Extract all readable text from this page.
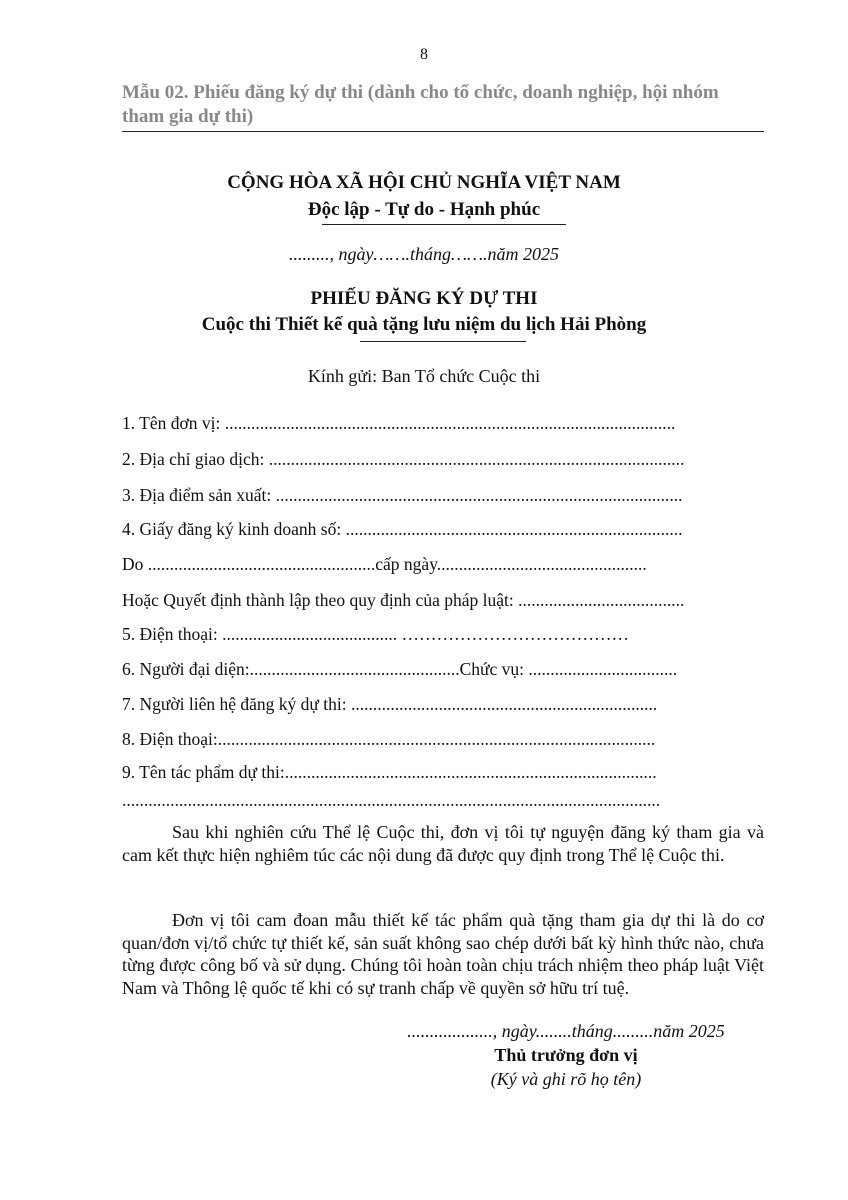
8
Mẫu 02. Phiếu đăng ký dự thi (dành cho tổ chức, doanh nghiệp, hội nhóm
tham gia dự thi)
CỘNG HÒA XÃ HỘI CHỦ NGHĨA VIỆT NAM
Độc lập - Tự do - Hạnh phúc
........., ngày…….tháng…….năm 2025
PHIẾU ĐĂNG KÝ DỰ THI
Cuộc thi Thiết kế quà tặng lưu niệm du lịch Hải Phòng
Kính gửi: Ban Tổ chức Cuộc thi
1. Tên đơn vị: .......................................................................................................
2. Địa chỉ giao dịch: ...............................................................................................
3. Địa điểm sản xuất: .............................................................................................
4. Giấy đăng ký kinh doanh số: .............................................................................
Do ....................................................cấp ngày................................................
Hoặc Quyết định thành lập theo quy định của pháp luật: ......................................
5. Điện thoại: ........................................ …………………………………
6. Người đại diện:................................................Chức vụ: ..................................
7. Người liên hệ đăng ký dự thi: ......................................................................
8. Điện thoại:....................................................................................................
9. Tên tác phẩm dự thi:.....................................................................................
...........................................................................................................................
Sau khi nghiên cứu Thể lệ Cuộc thi, đơn vị tôi tự nguyện đăng ký tham gia và cam kết thực hiện nghiêm túc các nội dung đã được quy định trong Thể lệ Cuộc thi.
Đơn vị tôi cam đoan mẫu thiết kế tác phẩm quà tặng tham gia dự thi là do cơ quan/đơn vị/tổ chức tự thiết kế, sản suất không sao chép dưới bất kỳ hình thức nào, chưa từng được công bố và sử dụng. Chúng tôi hoàn toàn chịu trách nhiệm theo pháp luật Việt Nam và Thông lệ quốc tế khi có sự tranh chấp về quyền sở hữu trí tuệ.
..................., ngày........tháng.........năm 2025
Thủ trưởng đơn vị
(Ký và ghi rõ họ tên)
